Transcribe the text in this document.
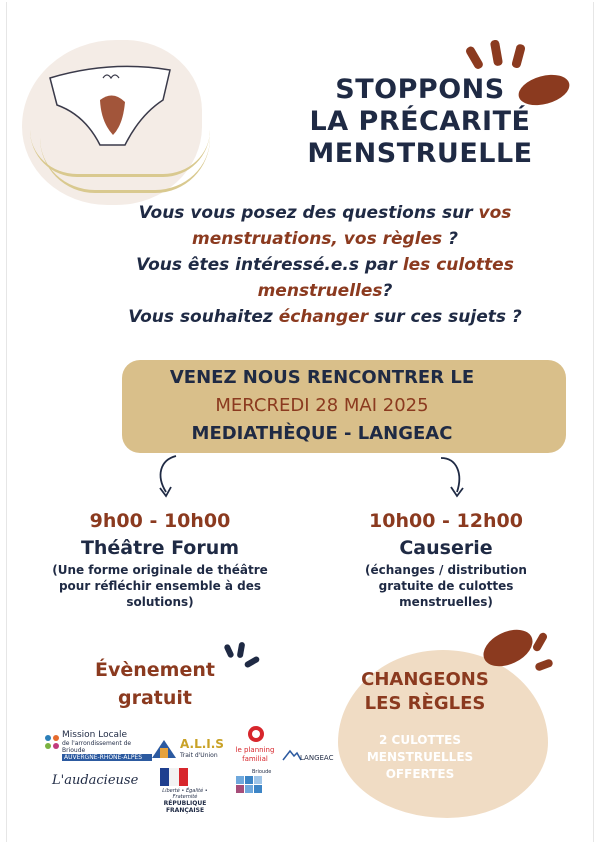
STOPPONS
LA PRÉCARITÉ
MENSTRUELLE
Vous vous posez des questions sur vos menstruations, vos règles ?
Vous êtes intéressé.e.s par les culottes menstruelles?
Vous souhaitez échanger sur ces sujets ?
VENEZ NOUS RENCONTRER LE
MERCREDI 28 MAI 2025
MEDIATHÈQUE - LANGEAC
9h00 - 10h00
Théâtre Forum
(Une forme originale de théâtre pour réfléchir ensemble à des solutions)
10h00 - 12h00
Causerie
(échanges / distribution gratuite de culottes menstruelles)
Évènement
gratuit
CHANGEONS
LES RÈGLES
2 CULOTTES
MENSTRUELLES
OFFERTES
Mission Locale
de l'arrondissement de Brioude
AUVERGNE-RHÔNE-ALPES
A.L.I.S
Trait d'Union
le planning
familial	LANGEAC
L'audacieuse
Liberté • Égalité • Fraternité
RÉPUBLIQUE FRANÇAISE
Brioude
